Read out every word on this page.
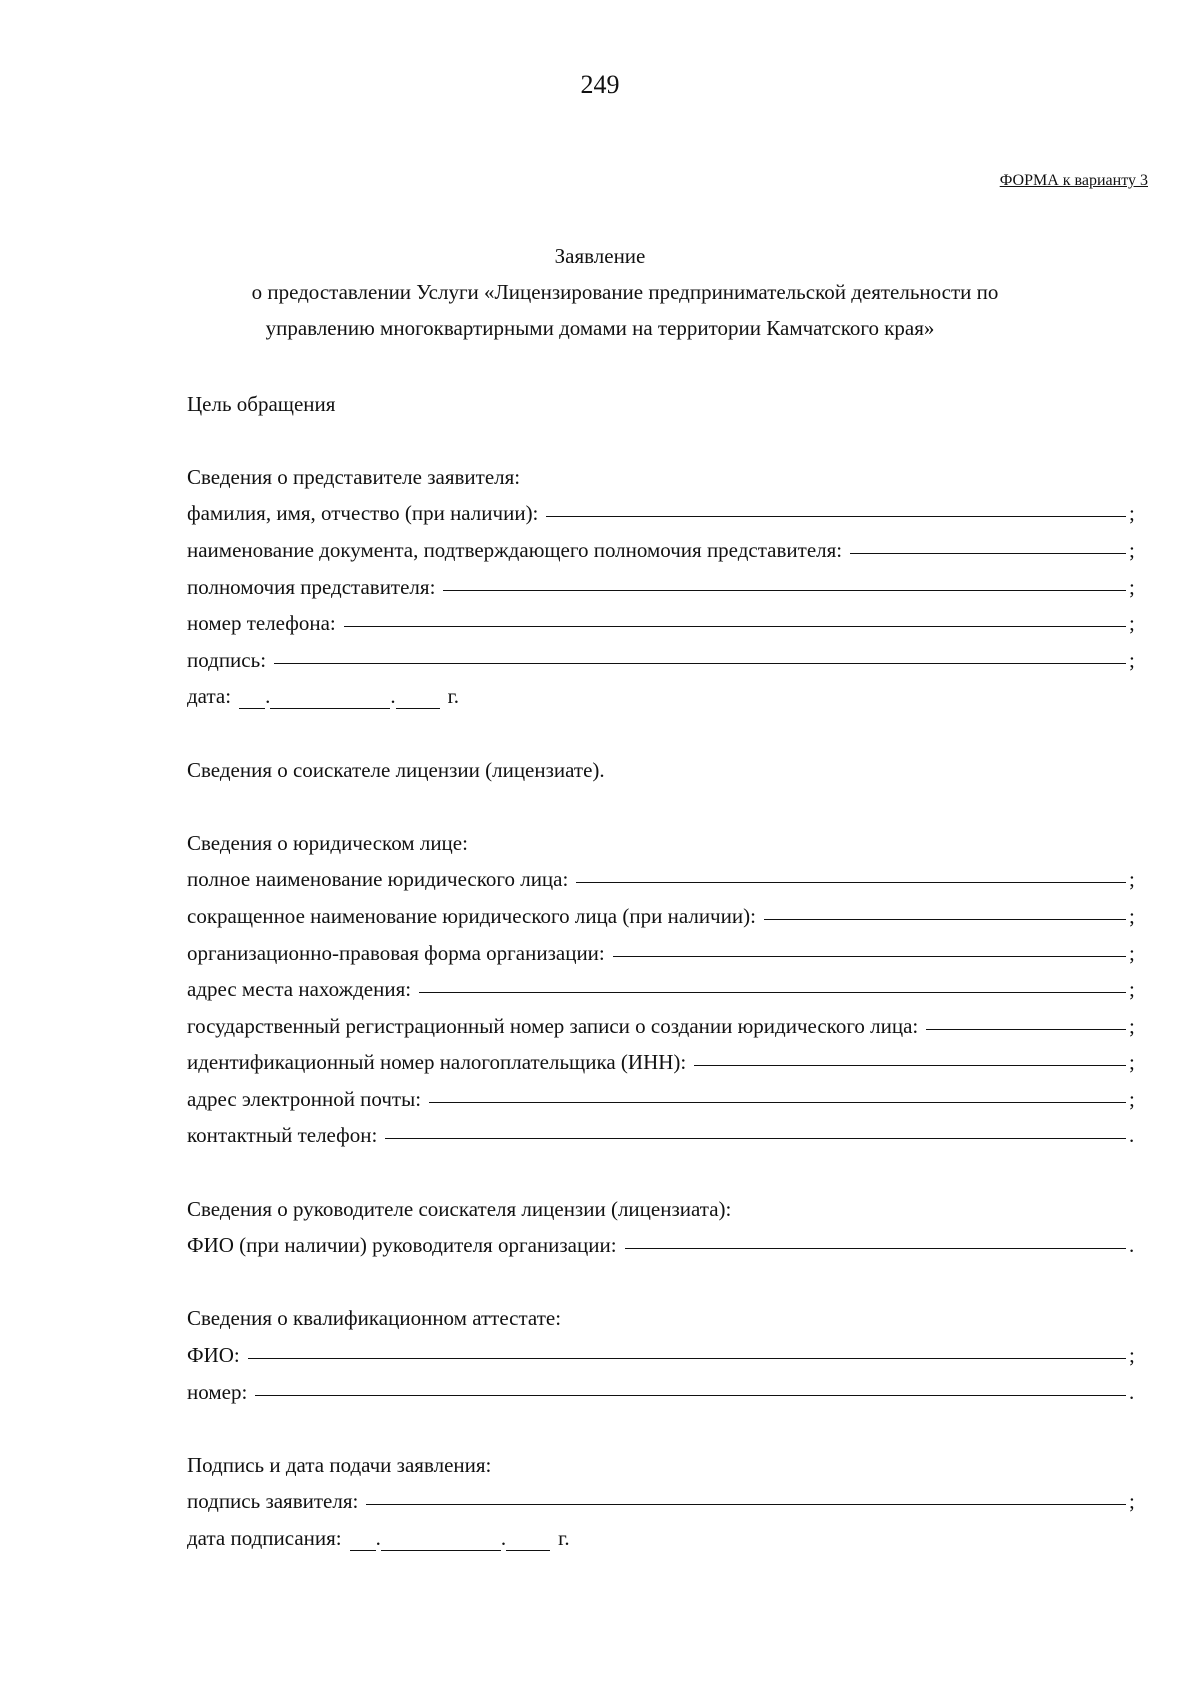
249
ФОРМА к варианту 3
Заявление
о предоставлении Услуги «Лицензирование предпринимательской деятельности по
управлению многоквартирными домами на территории Камчатского края»
Цель обращения
Сведения о представителе заявителя:
фамилия, имя, отчество (при наличии):	;
наименование документа, подтверждающего полномочия представителя:	;
полномочия представителя:	;
номер телефона:	;
подпись:	;
дата: .	. г.
Сведения о соискателе лицензии (лицензиате).
Сведения о юридическом лице:
полное наименование юридического лица:	;
сокращенное наименование юридического лица (при наличии):	;
организационно-правовая форма организации:	;
адрес места нахождения:	;
государственный регистрационный номер записи о создании юридического лица:	;
идентификационный номер налогоплательщика (ИНН):	;
адрес электронной почты:	;
контактный телефон:	.
Сведения о руководителе соискателя лицензии (лицензиата):
ФИО (при наличии) руководителя организации:	.
Сведения о квалификационном аттестате:
ФИО:	;
номер:	.
Подпись и дата подачи заявления:
подпись заявителя:	;
дата подписания: .	. г.
